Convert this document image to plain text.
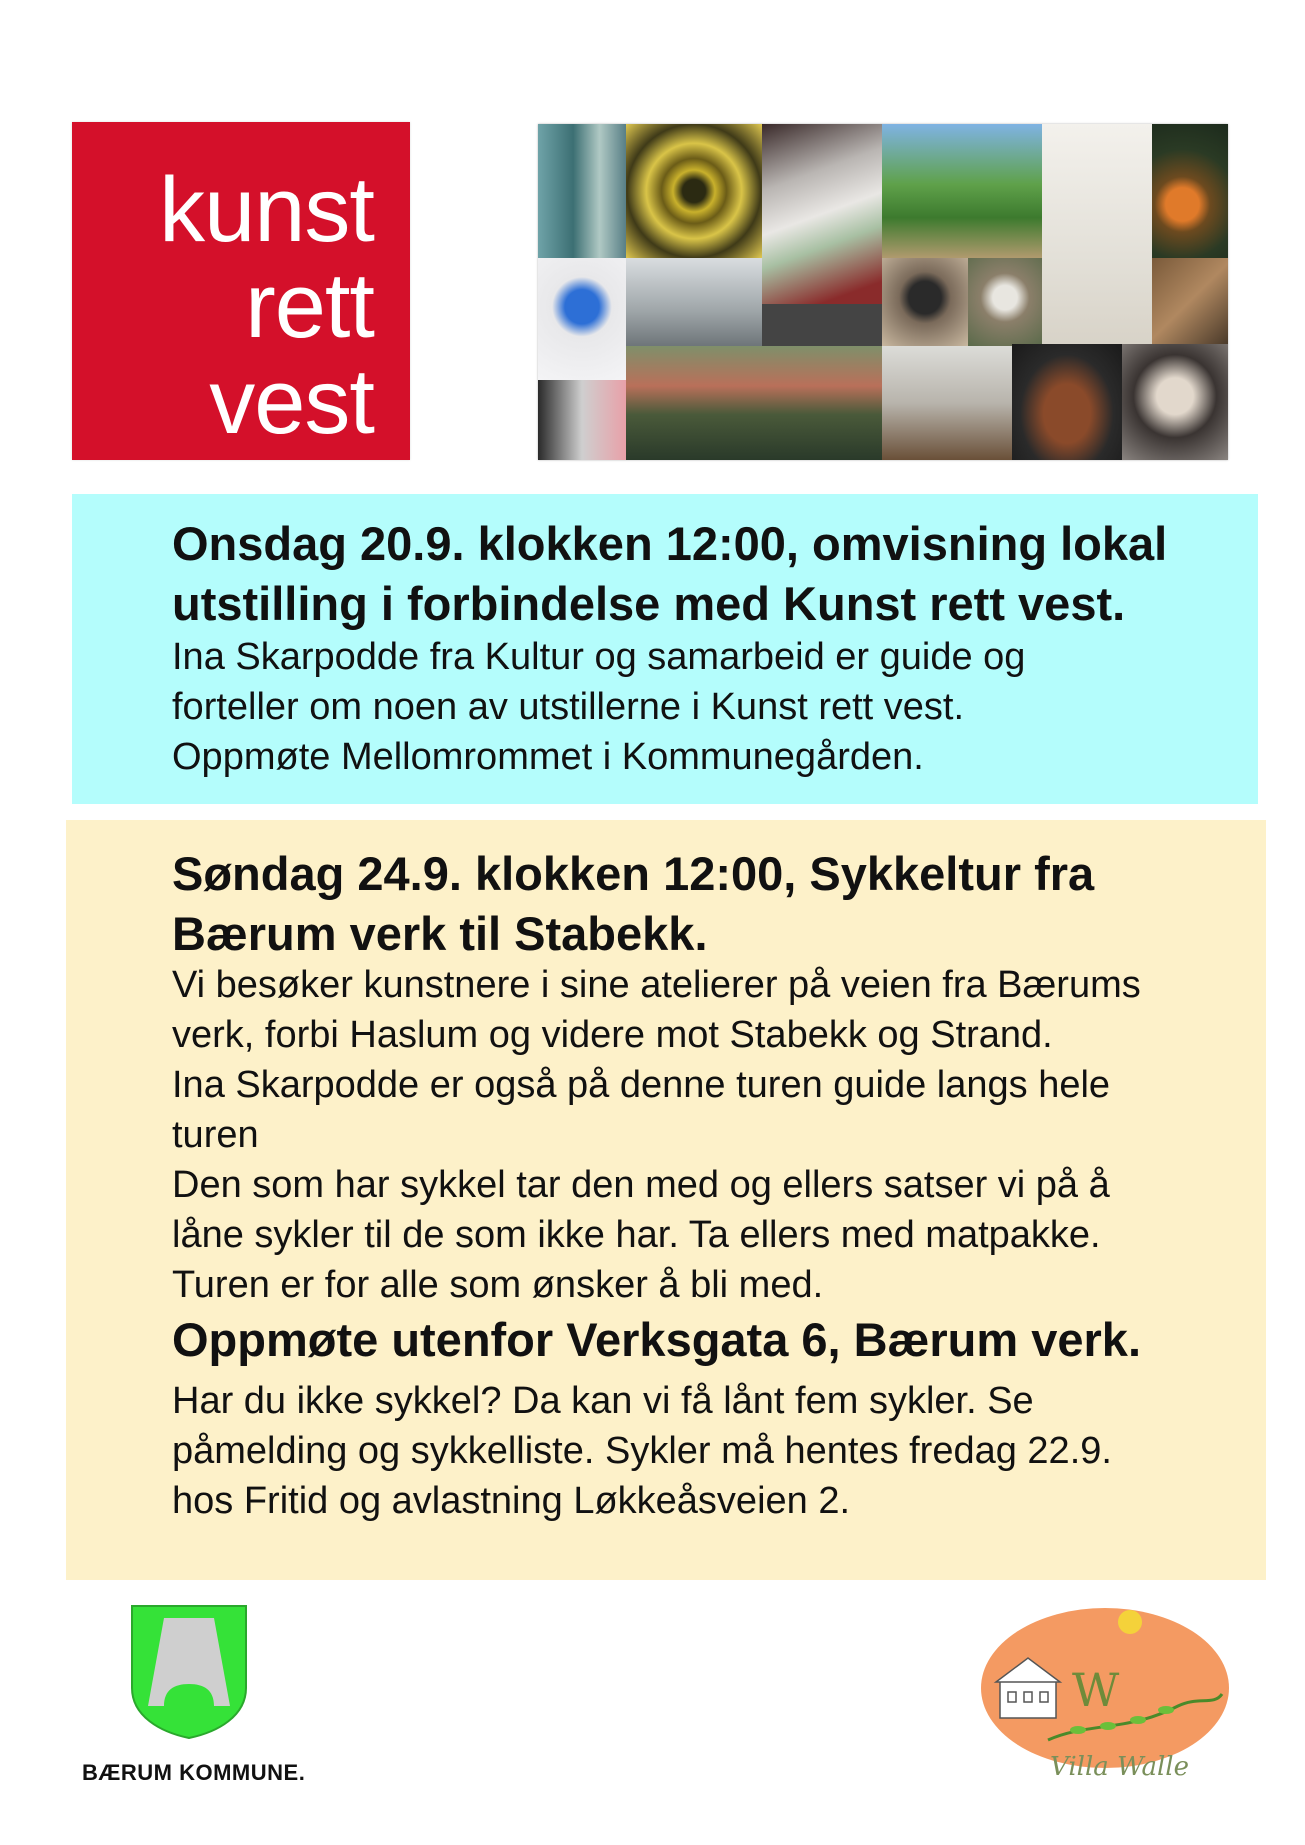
kunst
rett
vest
Onsdag 20.9. klokken 12:00, omvisning lokal
utstilling i forbindelse med Kunst rett vest.
Ina Skarpodde fra Kultur og samarbeid er guide og
forteller om noen av utstillerne i Kunst rett vest.
Oppmøte Mellomrommet i Kommunegården.
Søndag 24.9. klokken 12:00, Sykkeltur fra
Bærum verk til Stabekk.
Vi besøker kunstnere i sine atelierer på veien fra Bærums
verk, forbi Haslum og videre mot Stabekk og Strand.
Ina Skarpodde er også på denne turen guide langs hele
turen
Den som har sykkel tar den med og ellers satser vi på å
låne sykler til de som ikke har. Ta ellers med matpakke.
Turen er for alle som ønsker å bli med.
Oppmøte utenfor Verksgata 6, Bærum verk.
Har du ikke sykkel? Da kan vi få lånt fem sykler. Se
påmelding og sykkelliste. Sykler må hentes fredag 22.9.
hos Fritid og avlastning Løkkeåsveien 2.
BÆRUM KOMMUNE.
W
Villa Walle
